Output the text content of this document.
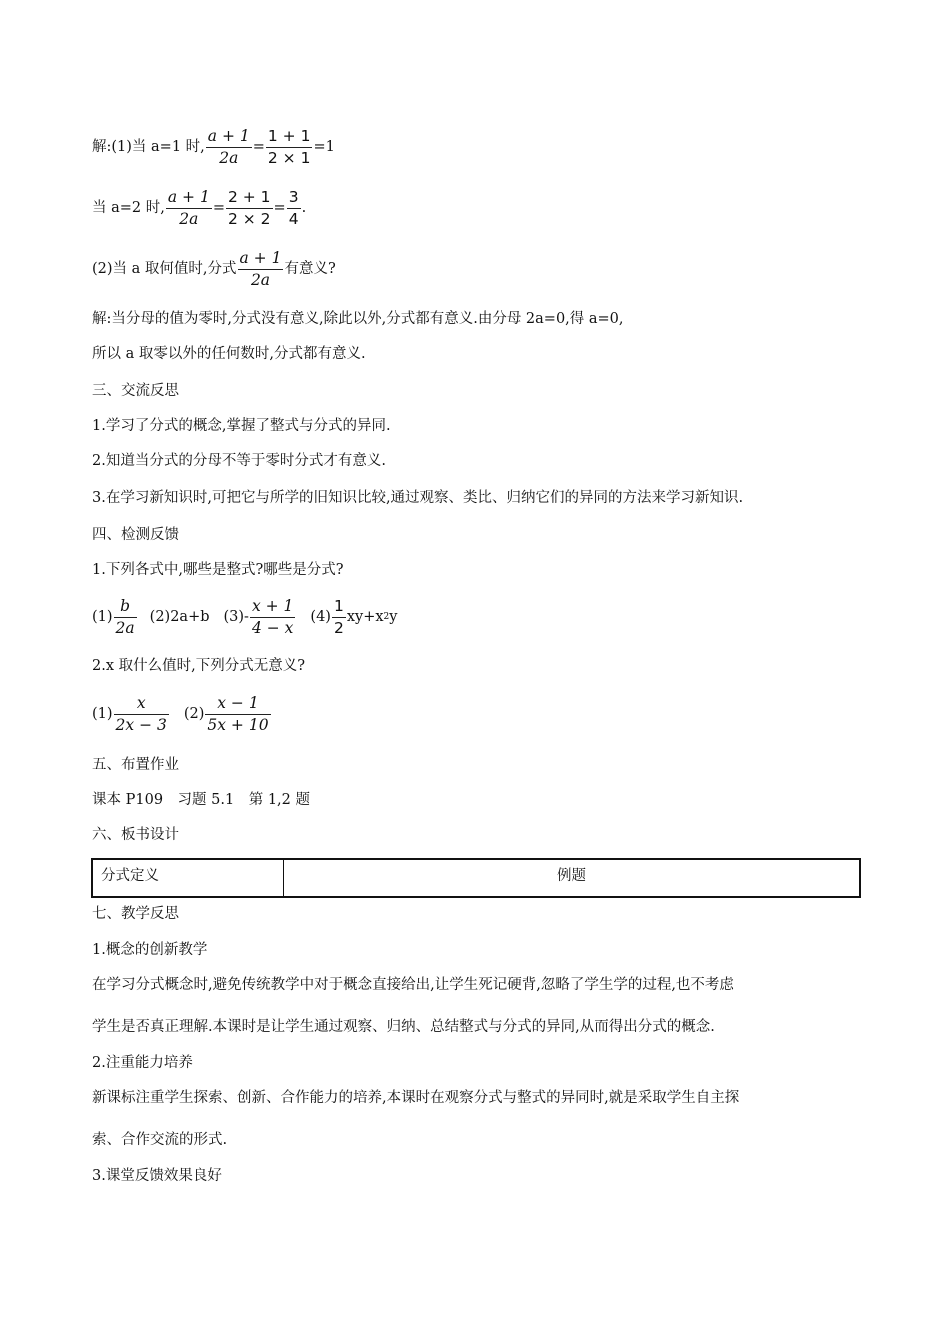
解:(1)当 a=1 时, $\frac{a + 1}{2a} = \frac{1 + 1}{2 \times 1} =1$
当 a=2 时, $\frac{a + 1}{2a} = \frac{2 + 1}{2 \times 2} = \frac{3}{4}$ .
(2)当 a 取何值时,分式 $\frac{a + 1}{2a}$ 有意义?
解:当分母的值为零时,分式没有意义,除此以外,分式都有意义.由分母 2a=0,得 a=0,
所以 a 取零以外的任何数时,分式都有意义.
三、交流反思
1.学习了分式的概念,掌握了整式与分式的异同.
2.知道当分式的分母不等于零时分式才有意义.
3.在学习新知识时,可把它与所学的旧知识比较,通过观察、类比、归纳它们的异同的方法来学习新知识.
四、检测反馈
1.下列各式中,哪些是整式?哪些是分式?
$(1) \frac{b}{2a} (2)2a+b$ $(3)- \frac{x + 1}{4 - x} (4) \frac{1}{2} xy+x$ 2 y
2.x 取什么值时,下列分式无意义?
$(1) \frac{x}{2x - 3} (2) \frac{x - 1}{5x + 10}$
五、布置作业
课本 P109　习题 5.1　第 1,2 题
六、板书设计
分式定义	例题
七、教学反思
1.概念的创新教学
在学习分式概念时,避免传统教学中对于概念直接给出,让学生死记硬背,忽略了学生学的过程,也不考虑
学生是否真正理解.本课时是让学生通过观察、归纳、总结整式与分式的异同,从而得出分式的概念.
2.注重能力培养
新课标注重学生探索、创新、合作能力的培养,本课时在观察分式与整式的异同时,就是采取学生自主探
索、合作交流的形式.
3.课堂反馈效果良好
